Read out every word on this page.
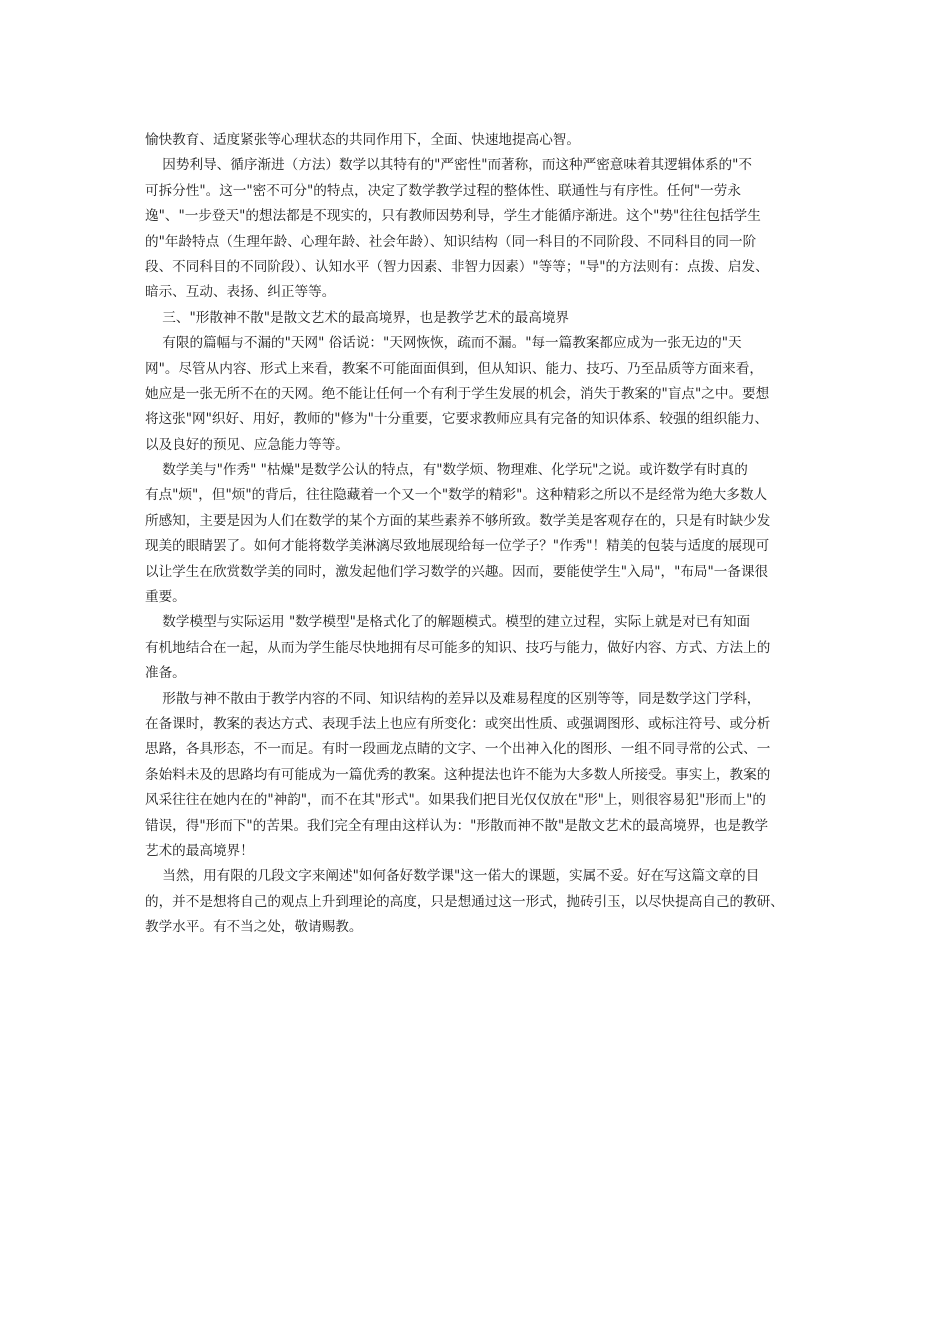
愉快教育、适度紧张等心理状态的共同作用下，全面、快速地提高心智。
因势利导、循序渐进（方法）数学以其特有的"严密性"而著称，而这种严密意味着其逻辑体系的"不
可拆分性"。这一"密不可分"的特点，决定了数学教学过程的整体性、联通性与有序性。任何"一劳永
逸"、"一步登天"的想法都是不现实的，只有教师因势利导，学生才能循序渐进。这个"势"往往包括学生
的"年龄特点（生理年龄、心理年龄、社会年龄）、知识结构（同一科目的不同阶段、不同科目的同一阶
段、不同科目的不同阶段）、认知水平（智力因素、非智力因素）"等等；"导"的方法则有：点拨、启发、
暗示、互动、表扬、纠正等等。
三、"形散神不散"是散文艺术的最高境界，也是教学艺术的最高境界
有限的篇幅与不漏的"天网" 俗话说："天网恢恢，疏而不漏。"每一篇教案都应成为一张无边的"天
网"。尽管从内容、形式上来看，教案不可能面面俱到，但从知识、能力、技巧、乃至品质等方面来看，
她应是一张无所不在的天网。绝不能让任何一个有利于学生发展的机会，消失于教案的"盲点"之中。要想
将这张"网"织好、用好，教师的"修为"十分重要，它要求教师应具有完备的知识体系、较强的组织能力、
以及良好的预见、应急能力等等。
数学美与"作秀" "枯燥"是数学公认的特点，有"数学烦、物理难、化学玩"之说。或许数学有时真的
有点"烦"，但"烦"的背后，往往隐藏着一个又一个"数学的精彩"。这种精彩之所以不是经常为绝大多数人
所感知，主要是因为人们在数学的某个方面的某些素养不够所致。数学美是客观存在的，只是有时缺少发
现美的眼睛罢了。如何才能将数学美淋漓尽致地展现给每一位学子？"作秀"！精美的包装与适度的展现可
以让学生在欣赏数学美的同时，激发起他们学习数学的兴趣。因而，要能使学生"入局"，"布局"一备课很
重要。
数学模型与实际运用 "数学模型"是格式化了的解题模式。模型的建立过程，实际上就是对已有知面
有机地结合在一起，从而为学生能尽快地拥有尽可能多的知识、技巧与能力，做好内容、方式、方法上的
准备。
形散与神不散由于教学内容的不同、知识结构的差异以及难易程度的区别等等，同是数学这门学科，
在备课时，教案的表达方式、表现手法上也应有所变化：或突出性质、或强调图形、或标注符号、或分析
思路，各具形态，不一而足。有时一段画龙点睛的文字、一个出神入化的图形、一组不同寻常的公式、一
条始料未及的思路均有可能成为一篇优秀的教案。这种提法也许不能为大多数人所接受。事实上，教案的
风采往往在她内在的"神韵"，而不在其"形式"。如果我们把目光仅仅放在"形"上，则很容易犯"形而上"的
错误，得"形而下"的苦果。我们完全有理由这样认为："形散而神不散"是散文艺术的最高境界，也是教学
艺术的最高境界！
当然，用有限的几段文字来阐述"如何备好数学课"这一偌大的课题，实属不妥。好在写这篇文章的目
的，并不是想将自己的观点上升到理论的高度，只是想通过这一形式，抛砖引玉，以尽快提高自己的教研、
教学水平。有不当之处，敬请赐教。
